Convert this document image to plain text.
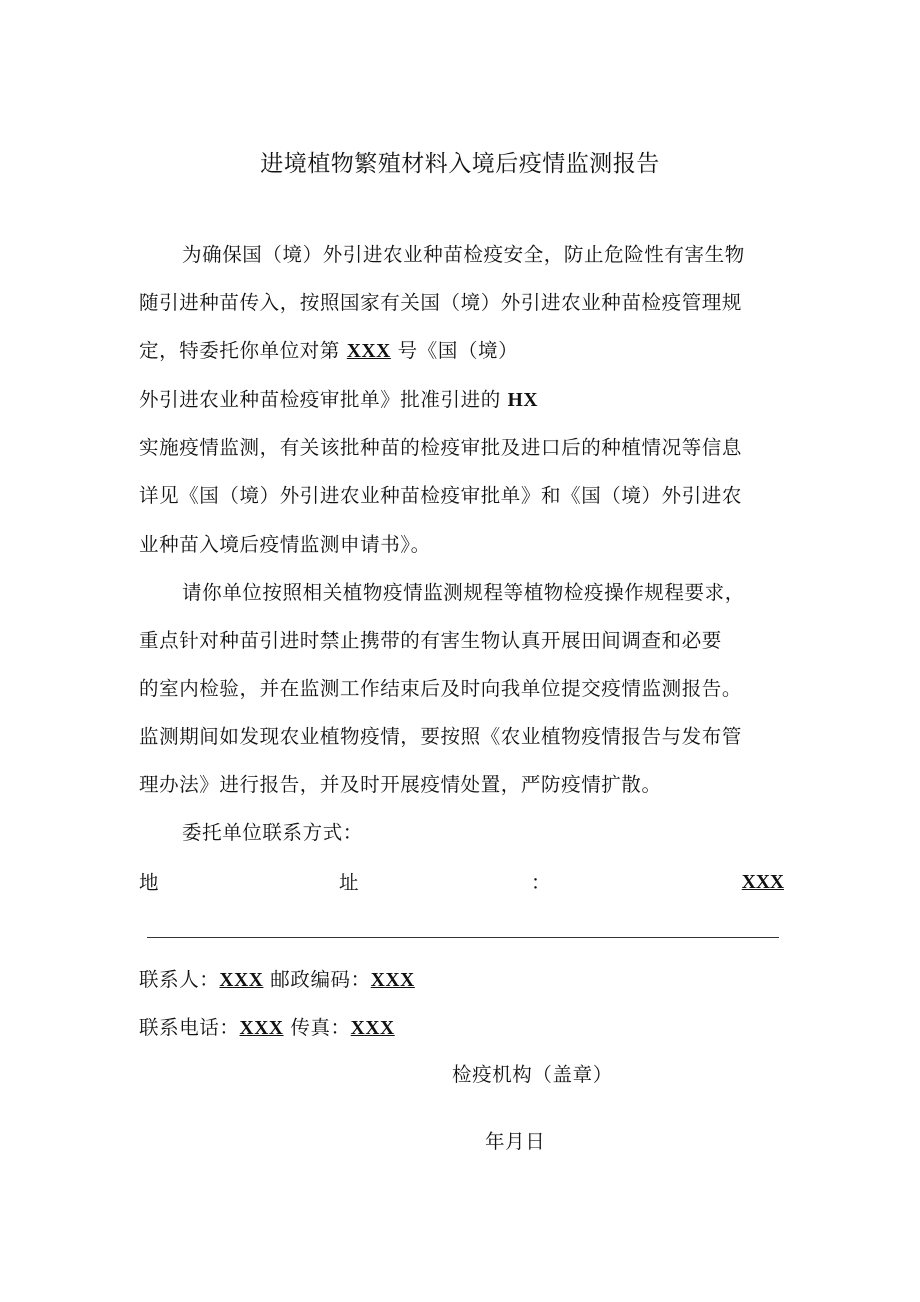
进境植物繁殖材料入境后疫情监测报告
为确保国（境）外引进农业种苗检疫安全，防止危险性有害生物
随引进种苗传入，按照国家有关国（境）外引进农业种苗检疫管理规
定，特委托你单位对第 XXX 号《国（境）
外引进农业种苗检疫审批单》批准引进的 HX
实施疫情监测，有关该批种苗的检疫审批及进口后的种植情况等信息
详见《国（境）外引进农业种苗检疫审批单》和《国（境）外引进农
业种苗入境后疫情监测申请书》。
请你单位按照相关植物疫情监测规程等植物检疫操作规程要求，
重点针对种苗引进时禁止携带的有害生物认真开展田间调查和必要
的室内检验，并在监测工作结束后及时向我单位提交疫情监测报告。
监测期间如发现农业植物疫情，要按照《农业植物疫情报告与发布管
理办法》进行报告，并及时开展疫情处置，严防疫情扩散。
委托单位联系方式：
地	址	：	XXX
联系人：XXX 邮政编码：XXX
联系电话：XXX 传真：XXX
检疫机构（盖章）
年月日
